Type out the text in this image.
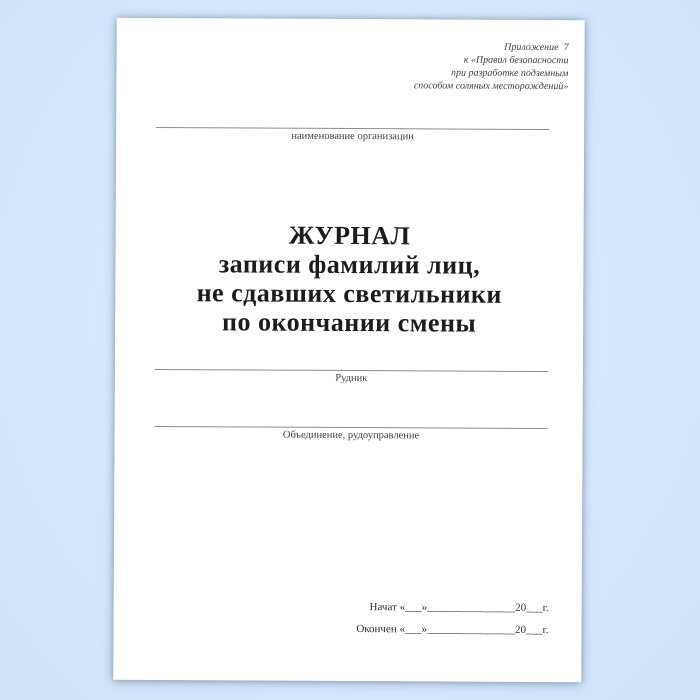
Приложение  7
к «Правил безопасности
при разработке подземным
способом соляных месторождений»
наименование организации
ЖУРНАЛ
записи фамилий лиц,
не сдавших светильники
по окончании смены
Рудник
Объединение, рудоуправление
Начат «___»________________20___г.
Окончен «___»________________20___г.
